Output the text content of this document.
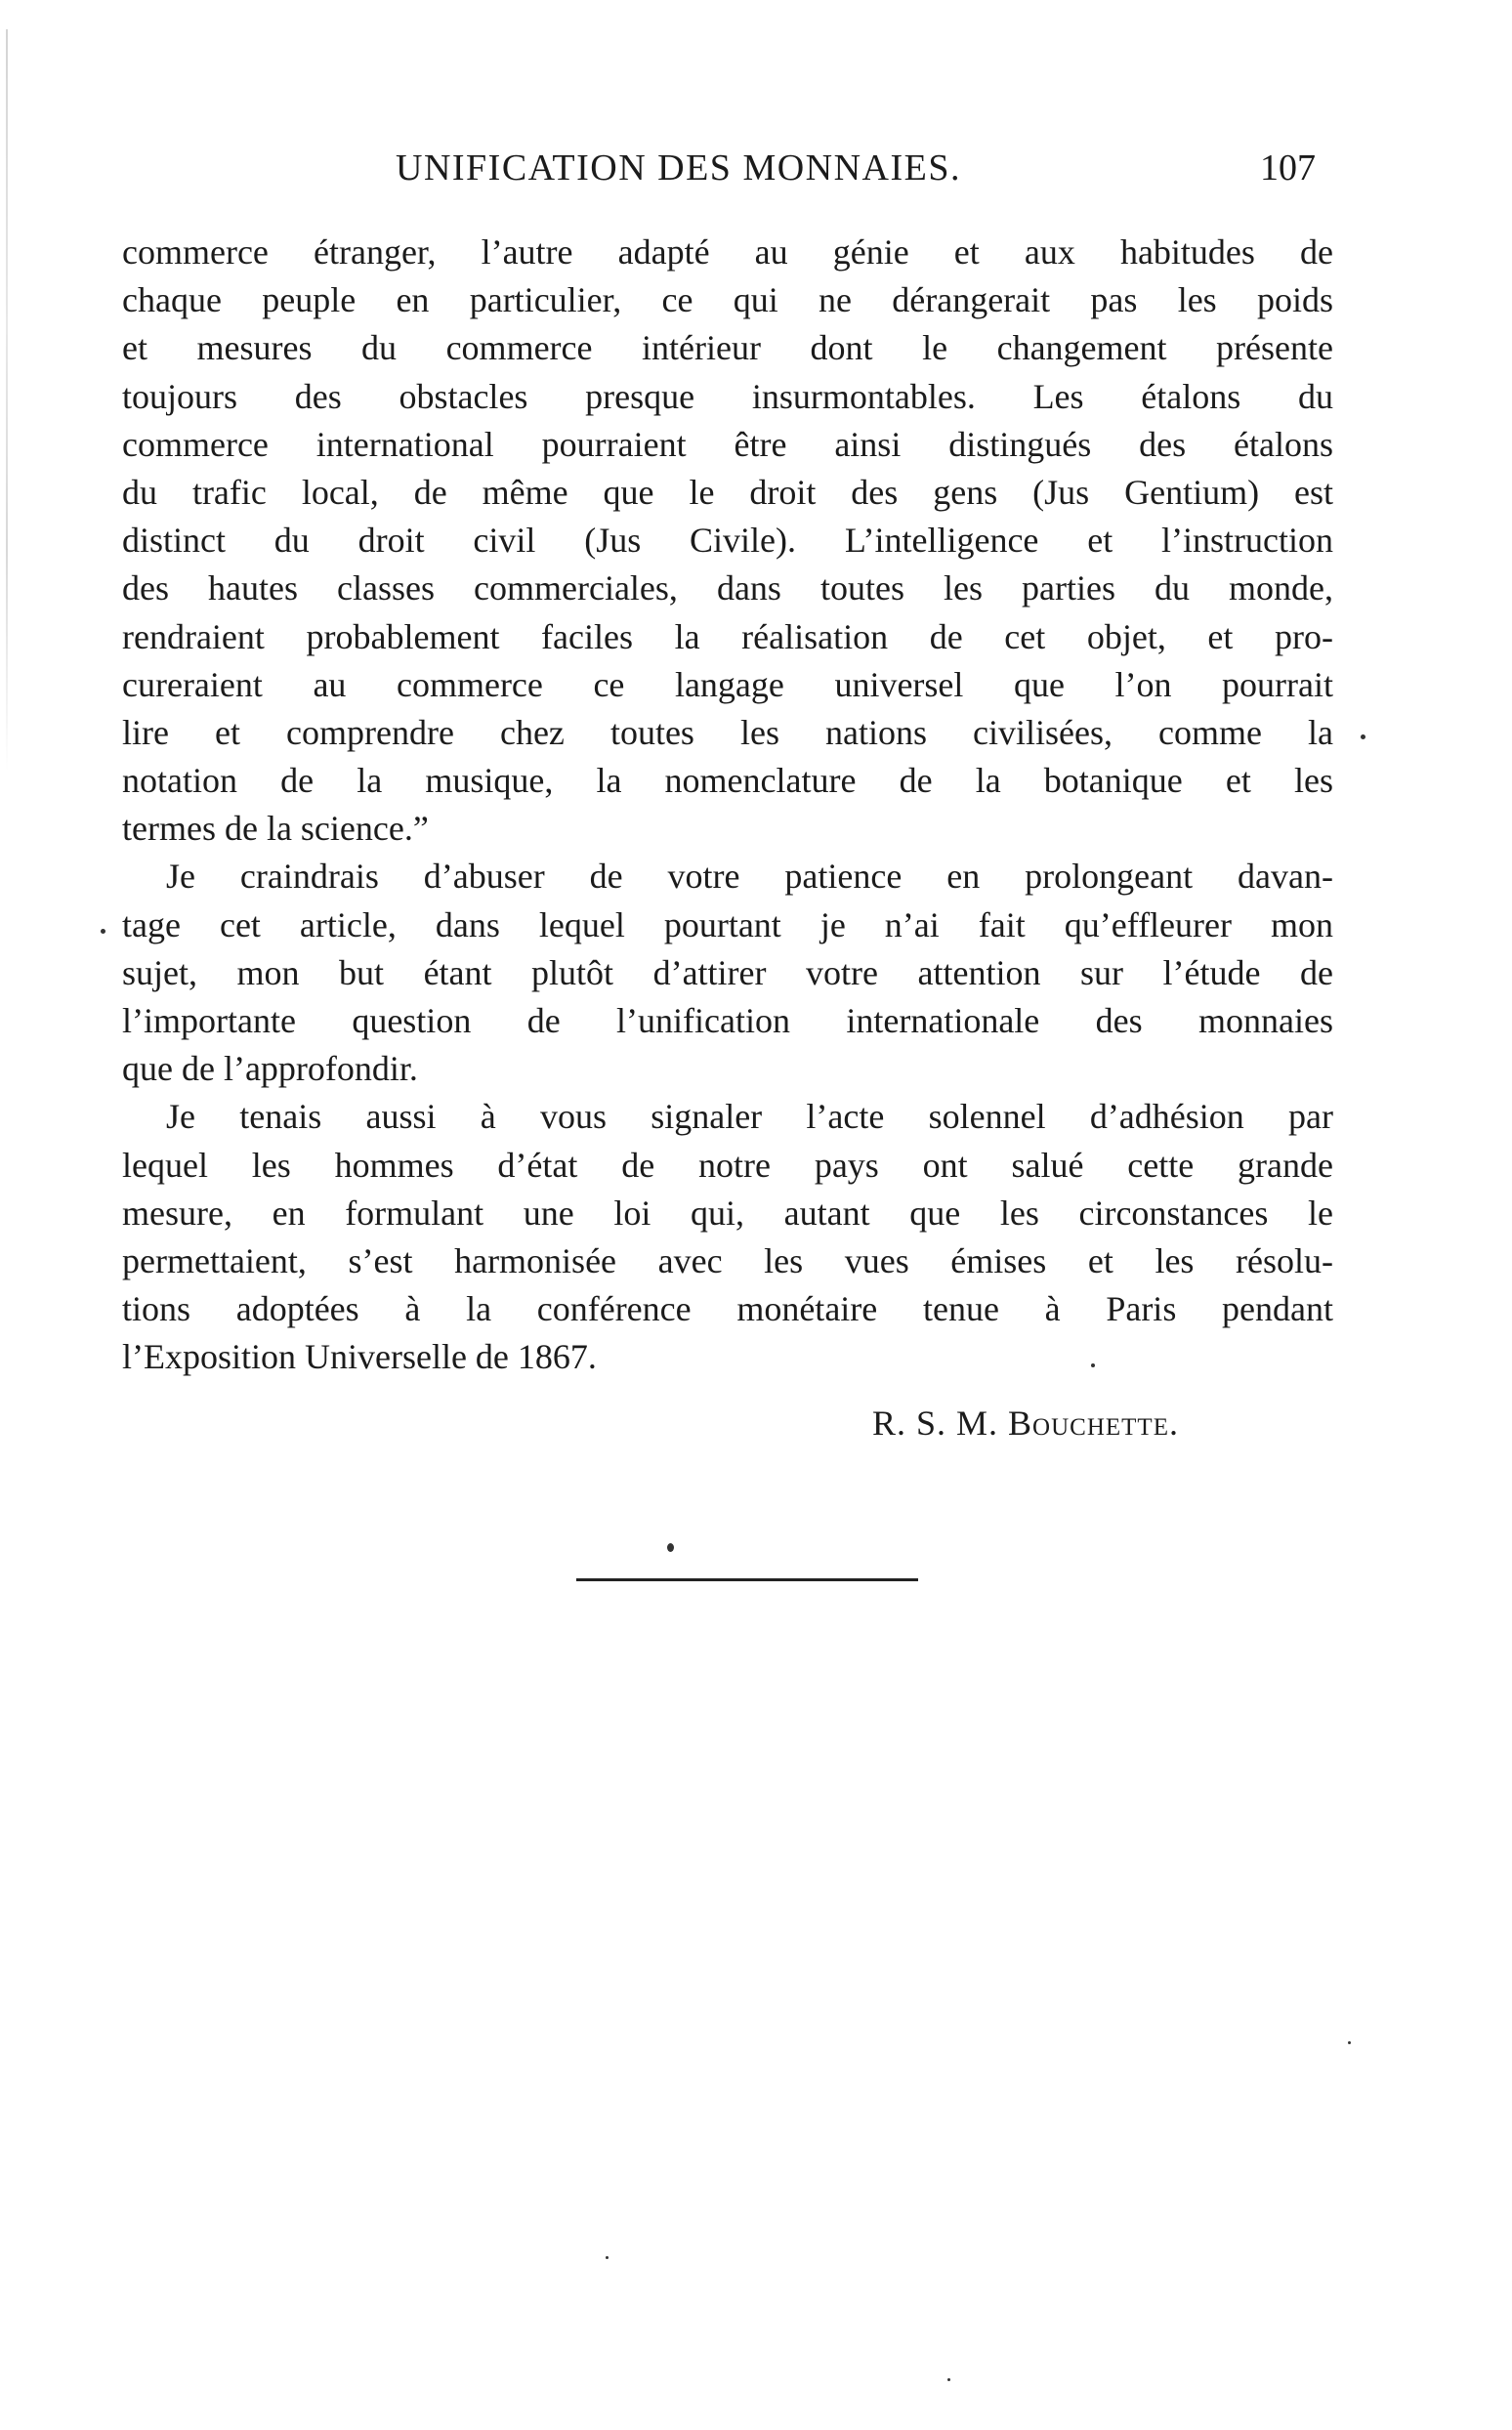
UNIFICATION DES MONNAIES.	107
commerce étranger, l’autre adapté au génie et aux habitudes de
chaque peuple en particulier, ce qui ne dérangerait pas les poids
et mesures du commerce intérieur dont le changement présente
toujours des obstacles presque insurmontables. Les étalons du
commerce international pourraient être ainsi distingués des étalons
du trafic local, de même que le droit des gens (Jus Gentium) est
distinct du droit civil (Jus Civile). L’intelligence et l’instruction
des hautes classes commerciales, dans toutes les parties du monde,
rendraient probablement faciles la réalisation de cet objet, et pro-
cureraient au commerce ce langage universel que l’on pourrait
lire et comprendre chez toutes les nations civilisées, comme la
notation de la musique, la nomenclature de la botanique et les
termes de la science.”
Je craindrais d’abuser de votre patience en prolongeant davan-
tage cet article, dans lequel pourtant je n’ai fait qu’effleurer mon
sujet, mon but étant plutôt d’attirer votre attention sur l’étude de
l’importante question de l’unification internationale des monnaies
que de l’approfondir.
Je tenais aussi à vous signaler l’acte solennel d’adhésion par
lequel les hommes d’état de notre pays ont salué cette grande
mesure, en formulant une loi qui, autant que les circonstances le
permettaient, s’est harmonisée avec les vues émises et les résolu-
tions adoptées à la conférence monétaire tenue à Paris pendant
l’Exposition Universelle de 1867.
R. S. M. Bouchette.
